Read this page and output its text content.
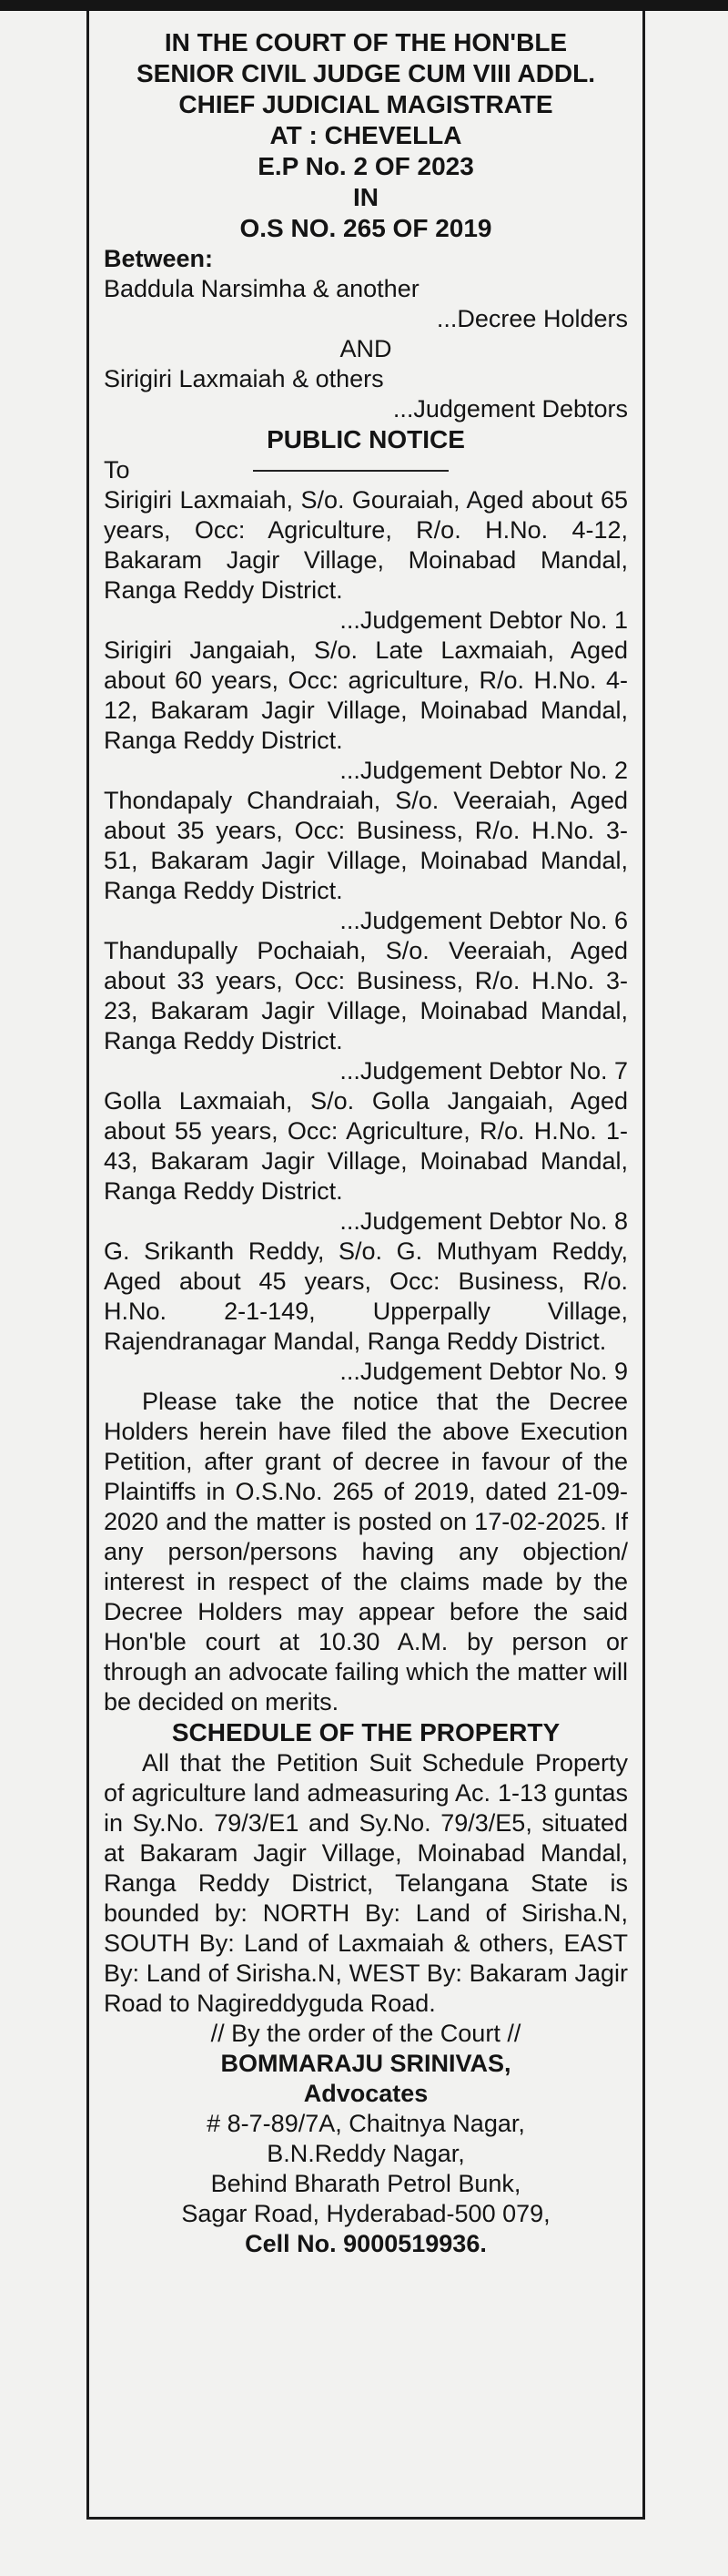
IN THE COURT OF THE HON'BLE
SENIOR CIVIL JUDGE CUM VIII ADDL.
CHIEF JUDICIAL MAGISTRATE
AT : CHEVELLA
E.P No. 2 OF 2023
IN
O.S NO. 265 OF 2019
Between:
Baddula Narsimha & another
...Decree Holders
AND
Sirigiri Laxmaiah & others
...Judgement Debtors
PUBLIC NOTICE
To

Sirigiri Laxmaiah, S/o. Gouraiah, Aged about 65 years, Occ: Agriculture, R/o. H.No. 4-12, Bakaram Jagir Village, Moinabad Mandal, Ranga Reddy District.

...Judgement Debtor No. 1

Sirigiri Jangaiah, S/o. Late Laxmaiah, Aged about 60 years, Occ: agriculture, R/o. H.No. 4-12, Bakaram Jagir Village, Moinabad Mandal, Ranga Reddy District.

...Judgement Debtor No. 2

Thondapaly Chandraiah, S/o. Veeraiah, Aged about 35 years, Occ: Business, R/o. H.No. 3-51, Bakaram Jagir Village, Moinabad Mandal, Ranga Reddy District.

...Judgement Debtor No. 6

Thandupally Pochaiah, S/o. Veeraiah, Aged about 33 years, Occ: Business, R/o. H.No. 3-23, Bakaram Jagir Village, Moinabad Mandal, Ranga Reddy District.

...Judgement Debtor No. 7

Golla Laxmaiah, S/o. Golla Jangaiah, Aged about 55 years, Occ: Agriculture, R/o. H.No. 1-43, Bakaram Jagir Village, Moinabad Mandal, Ranga Reddy District.

...Judgement Debtor No. 8

G. Srikanth Reddy, S/o. G. Muthyam Reddy, Aged about 45 years, Occ: Business, R/o. H.No. 2-1-149, Upperpally Village, Rajendranagar Mandal, Ranga Reddy District.

...Judgement Debtor No. 9

Please take the notice that the Decree Holders herein have filed the above Execution Petition, after grant of decree in favour of the Plaintiffs in O.S.No. 265 of 2019, dated 21-09-2020 and the matter is posted on 17-02-2025. If any person/persons having any objection/ interest in respect of the claims made by the Decree Holders may appear before the said Hon'ble court at 10.30 A.M. by person or through an advocate failing which the matter will be decided on merits.

SCHEDULE OF THE PROPERTY

All that the Petition Suit Schedule Property of agriculture land admeasuring Ac. 1-13 guntas in Sy.No. 79/3/E1 and Sy.No. 79/3/E5, situated at Bakaram Jagir Village, Moinabad Mandal, Ranga Reddy District, Telangana State is bounded by: NORTH By: Land of Sirisha.N, SOUTH By: Land of Laxmaiah & others, EAST By: Land of Sirisha.N, WEST By: Bakaram Jagir Road to Nagireddyguda Road.

// By the order of the Court //
BOMMARAJU SRINIVAS,
Advocates
# 8-7-89/7A, Chaitnya Nagar,
B.N.Reddy Nagar,
Behind Bharath Petrol Bunk,
Sagar Road, Hyderabad-500 079,
Cell No. 9000519936.
